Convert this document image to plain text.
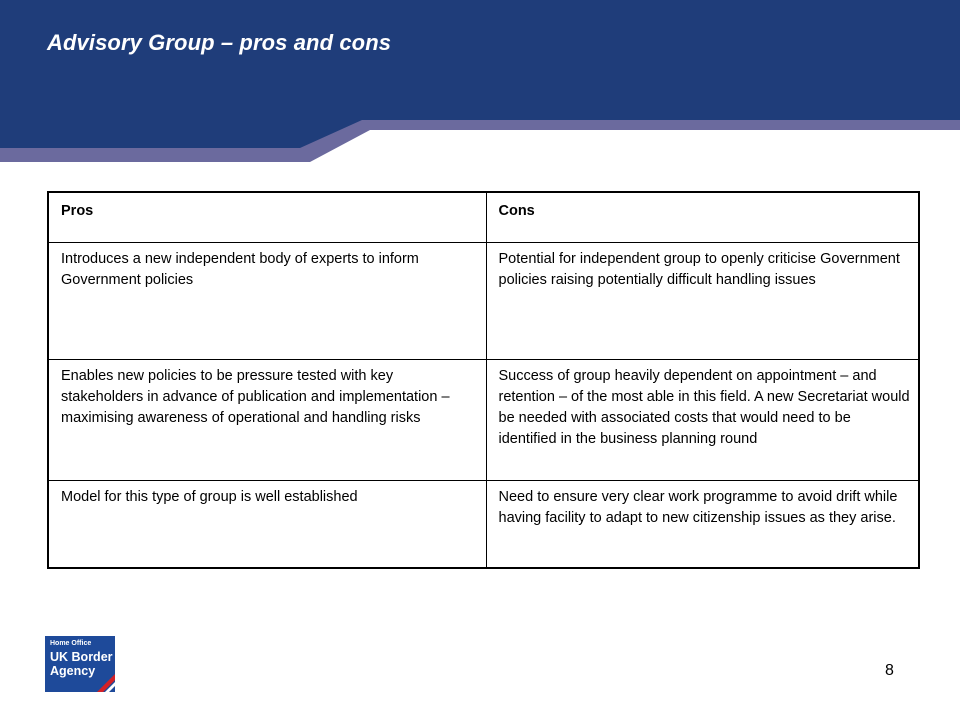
Advisory Group – pros and cons
Pros	Cons
Introduces a new independent body of experts to inform Government policies	Potential for independent group to openly criticise Government policies raising potentially difficult handling issues
Enables new policies to be pressure tested with key stakeholders in advance of publication and implementation – maximising awareness of operational and handling risks	Success of group heavily dependent on appointment – and retention – of the most able in this field. A new Secretariat would be needed with associated costs that would need to be identified in the business planning round
Model for this type of group is well established	Need to ensure very clear work programme to avoid drift while having facility to adapt to new citizenship issues as they arise.
Home Office
UK Border
Agency	8
